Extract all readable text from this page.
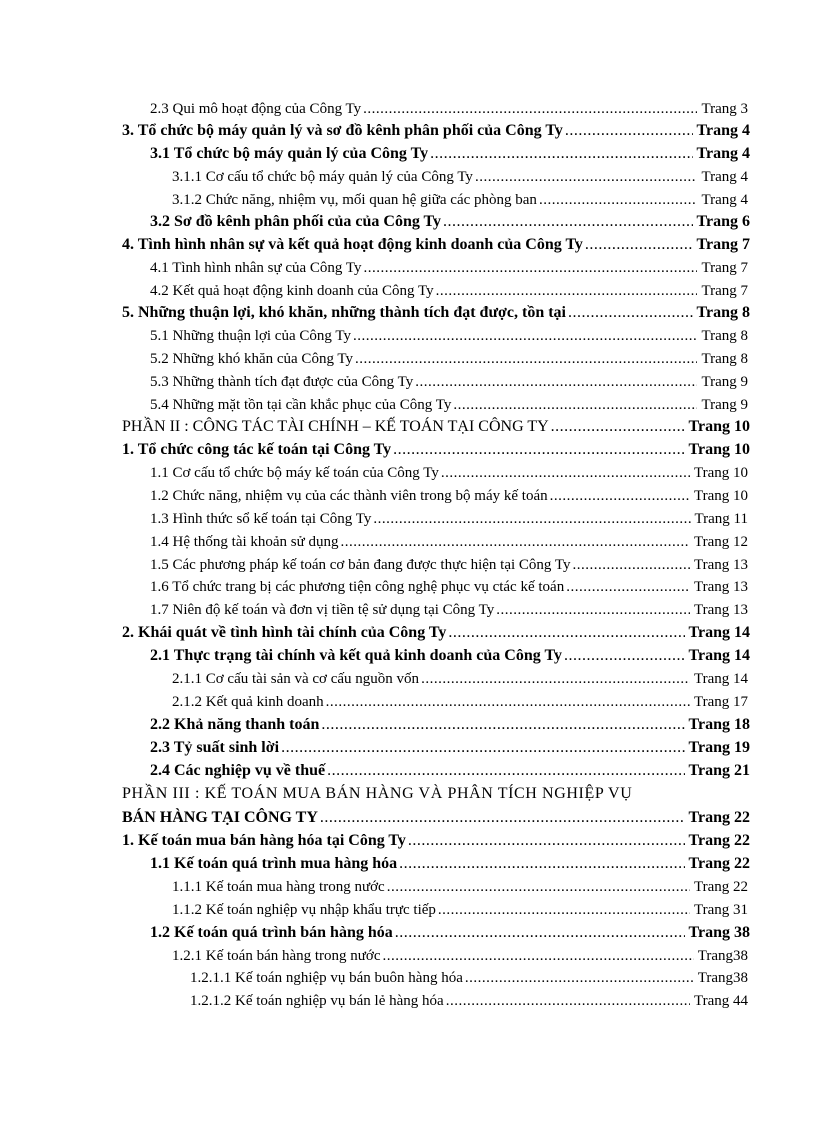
2.3 Qui mô hoạt động của Công Ty .....	Trang 3
3. Tổ chức bộ máy quản lý và sơ đồ kênh phân phối của Công Ty .....	Trang 4
3.1 Tổ chức bộ máy quản lý của Công Ty .....	Trang 4
3.1.1 Cơ cấu tổ chức bộ máy quản lý của Công Ty .....	Trang 4
3.1.2 Chức năng, nhiệm vụ, mối quan hệ giữa các phòng ban .....	Trang 4
3.2 Sơ đồ kênh phân phối của của Công Ty .....	Trang 6
4. Tình hình nhân sự và kết quả hoạt động kinh doanh của Công Ty .....	Trang 7
4.1 Tình hình nhân sự của Công Ty .....	Trang 7
4.2 Kết quả hoạt động kinh doanh của Công Ty .....	Trang 7
5. Những thuận lợi, khó khăn, những thành tích đạt được, tồn tại .....	Trang 8
5.1 Những thuận lợi của Công Ty .....	Trang 8
5.2 Những khó khăn của Công Ty .....	Trang 8
5.3 Những thành tích đạt được của Công Ty .....	Trang 9
5.4 Những mặt tồn tại cần khắc phục của Công Ty .....	Trang 9
PHẦN II : CÔNG TÁC TÀI CHÍNH – KẾ TOÁN TẠI CÔNG TY .....	Trang 10
1. Tổ chức công tác kế toán tại Công Ty .....	Trang 10
1.1 Cơ cấu tổ chức bộ máy kế toán của Công Ty .....	Trang 10
1.2 Chức năng, nhiệm vụ của các thành viên trong bộ máy kế toán .....	Trang 10
1.3 Hình thức sổ kế toán tại Công Ty .....	Trang 11
1.4 Hệ thống tài khoản sử dụng .....	Trang 12
1.5 Các phương pháp kế toán cơ bản đang được thực hiện tại Công Ty .....	Trang 13
1.6 Tổ chức trang bị các phương tiện công nghệ phục vụ ctác kế toán .....	Trang 13
1.7 Niên độ kế toán và đơn vị tiền tệ sử dụng tại Công Ty .....	Trang 13
2. Khái quát về tình hình tài chính của Công Ty .....	Trang 14
2.1 Thực trạng tài chính và kết quả kinh doanh của Công Ty .....	Trang 14
2.1.1 Cơ cấu tài sản và cơ cấu nguồn vốn .....	Trang 14
2.1.2 Kết quả kinh doanh .....	Trang 17
2.2 Khả năng thanh toán .....	Trang 18
2.3 Tỷ suất sinh lời .....	Trang 19
2.4 Các nghiệp vụ về thuế .....	Trang 21
PHẦN III : KẾ TOÁN MUA BÁN HÀNG VÀ PHÂN TÍCH NGHIỆP VỤ
BÁN HÀNG TẠI CÔNG TY .....	Trang 22
1. Kế toán mua bán hàng hóa tại Công Ty .....	Trang 22
1.1 Kế toán quá trình mua hàng hóa .....	Trang 22
1.1.1 Kế toán mua hàng trong nước .....	Trang 22
1.1.2 Kế toán nghiệp vụ nhập khẩu trực tiếp .....	Trang 31
1.2 Kế toán quá trình bán hàng hóa .....	Trang 38
1.2.1 Kế toán bán hàng trong nước .....	Trang38
1.2.1.1 Kế toán nghiệp vụ bán buôn hàng hóa .....	Trang38
1.2.1.2 Kế toán nghiệp vụ bán lẻ hàng hóa .....	Trang 44
